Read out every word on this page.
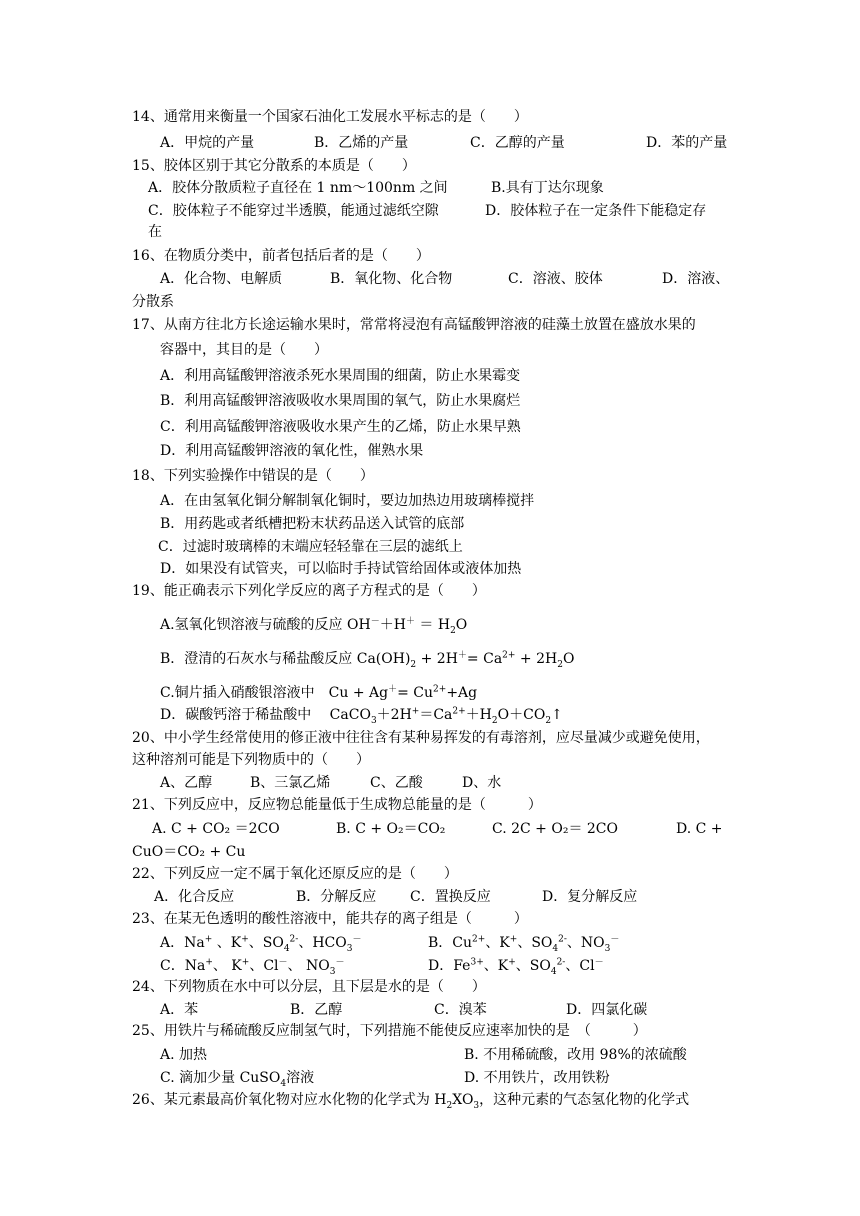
14、通常用来衡量一个国家石油化工发展水平标志的是（　　）
A．甲烷的产量	B．乙烯的产量	C．乙醇的产量	D．苯的产量
15、胶体区别于其它分散系的本质是（　　）
A．胶体分散质粒子直径在 1 nm～100nm 之间	B.具有丁达尔现象
C．胶体粒子不能穿过半透膜，能通过滤纸空隙	D．胶体粒子在一定条件下能稳定存
在
16、在物质分类中，前者包括后者的是（　　）
A．化合物、电解质	B．氧化物、化合物	C．溶液、胶体	D．溶液、
分散系
17、从南方往北方长途运输水果时，常常将浸泡有高锰酸钾溶液的硅藻土放置在盛放水果的
容器中，其目的是（　　）
A．利用高锰酸钾溶液杀死水果周围的细菌，防止水果霉变
B．利用高锰酸钾溶液吸收水果周围的氧气，防止水果腐烂
C．利用高锰酸钾溶液吸收水果产生的乙烯，防止水果早熟
D．利用高锰酸钾溶液的氧化性，催熟水果
18、下列实验操作中错误的是（　　）
A．在由氢氧化铜分解制氧化铜时，要边加热边用玻璃棒搅拌
B．用药匙或者纸槽把粉末状药品送入试管的底部
C．过滤时玻璃棒的末端应轻轻靠在三层的滤纸上
D．如果没有试管夹，可以临时手持试管给固体或液体加热
19、能正确表示下列化学反应的离子方程式的是（　　）
A.氢氧化钡溶液与硫酸的反应 $OH^-+H^+ = H_2O$
B．澄清的石灰水与稀盐酸反应 $Ca(OH)_2 + 2H^+= Ca^{2+} + 2H_2O$
C.铜片插入硝酸银溶液中　$Cu + Ag^+= Cu^{2+}+Ag$
D．碳酸钙溶于稀盐酸中　 $CaCO_3+2H^+=Ca^{2+}+H_2O+CO_2↑$
20、中小学生经常使用的修正液中往往含有某种易挥发的有毒溶剂，应尽量减少或避免使用，
这种溶剂可能是下列物质中的（　　）
A、乙醇	B、三氯乙烯	C、乙酸	D、水
21、下列反应中，反应物总能量低于生成物总能量的是（　　　）
A. C + CO₂ ＝2CO	B. C + O₂＝CO₂	C. 2C + O₂＝ 2CO	D. C +
CuO＝CO₂ + Cu
22、下列反应一定不属于氧化还原反应的是（　　）
A．化合反应	B．分解反应 C．置换反应	D．复分解反应
23、在某无色透明的酸性溶液中，能共存的离子组是（　　　）
A．Na+ 、K+、$SO_4^{2-}$、$HCO_3^-$	B．$Cu^{2+}$、K+、$SO_4^{2-}$、$NO_3^-$
C．Na+、 K+、Cl－、 $NO_3^-$	D．$Fe^{3+}$、K+、$SO_4^{2-}$、Cl－
24、下列物质在水中可以分层，且下层是水的是（　　）
A．苯	B．乙醇	C．溴苯	D．四氯化碳
25、用铁片与稀硫酸反应制氢气时，下列措施不能使反应速率加快的是　（　　　）
A. 加热	B. 不用稀硫酸，改用 98%的浓硫酸
C. 滴加少量 CuSO$_4$溶液	D. 不用铁片，改用铁粉
26、某元素最高价氧化物对应水化物的化学式为 $H_2XO_3$，这种元素的气态氢化物的化学式
